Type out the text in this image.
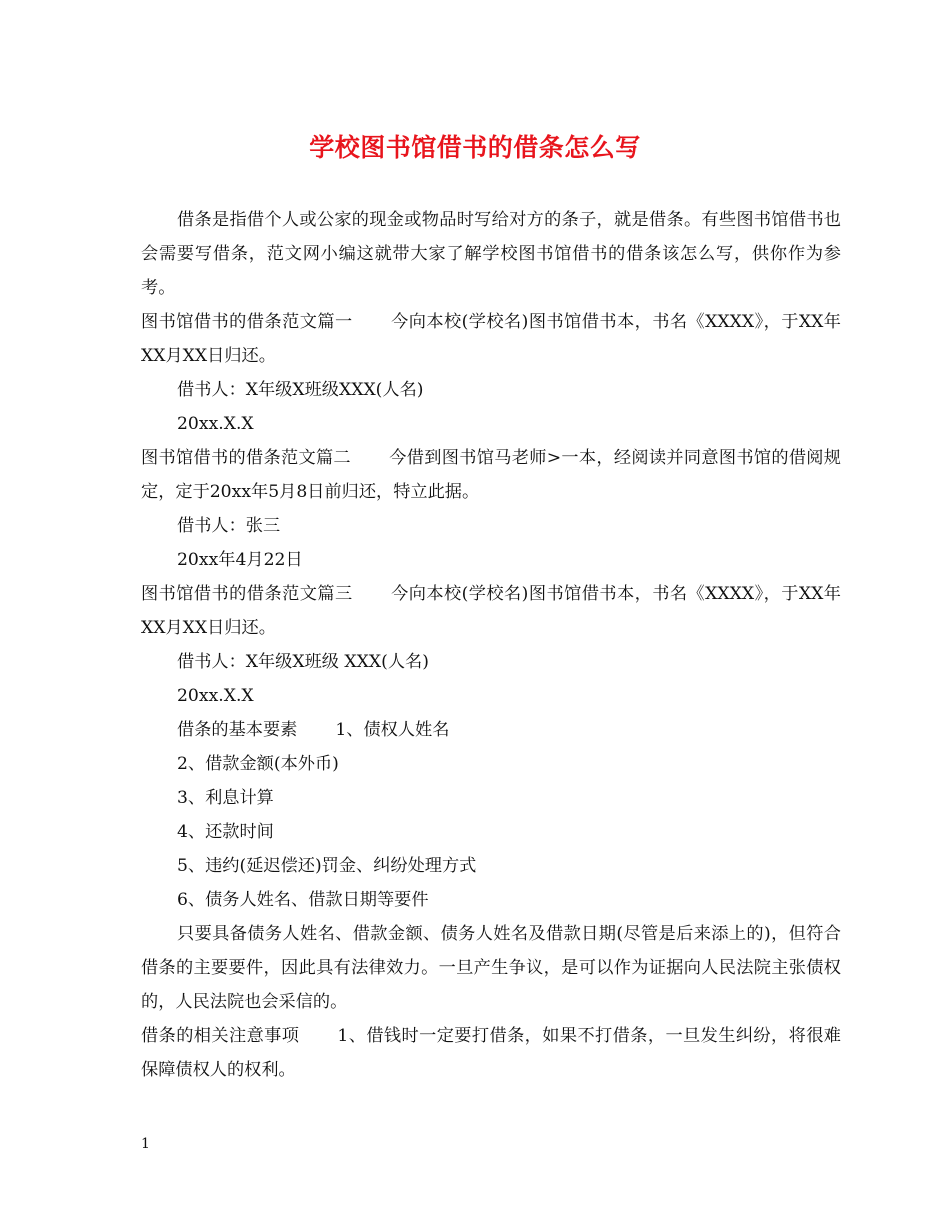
学校图书馆借书的借条怎么写

借条是指借个人或公家的现金或物品时写给对方的条子，就是借条。有些图书馆借书也会需要写借条，范文网小编这就带大家了解学校图书馆借书的借条该怎么写，供你作为参考。

图书馆借书的借条范文篇一 今向本校(学校名)图书馆借书本，书名《XXXX》，于XX年XX月XX日归还。

借书人：X年级X班级XXX(人名)

20xx.X.X

图书馆借书的借条范文篇二 今借到图书馆马老师>一本，经阅读并同意图书馆的借阅规定，定于20xx年5月8日前归还，特立此据。

借书人：张三

20xx年4月22日

图书馆借书的借条范文篇三 今向本校(学校名)图书馆借书本，书名《XXXX》，于XX年XX月XX日归还。

借书人：X年级X班级 XXX(人名)

20xx.X.X

借条的基本要素 1、债权人姓名

2、借款金额(本外币)

3、利息计算

4、还款时间

5、违约(延迟偿还)罚金、纠纷处理方式

6、债务人姓名、借款日期等要件

只要具备债务人姓名、借款金额、债务人姓名及借款日期(尽管是后来添上的)，但符合借条的主要要件，因此具有法律效力。一旦产生争议，是可以作为证据向人民法院主张债权的，人民法院也会采信的。

借条的相关注意事项 1、借钱时一定要打借条，如果不打借条，一旦发生纠纷，将很难保障债权人的权利。

1
